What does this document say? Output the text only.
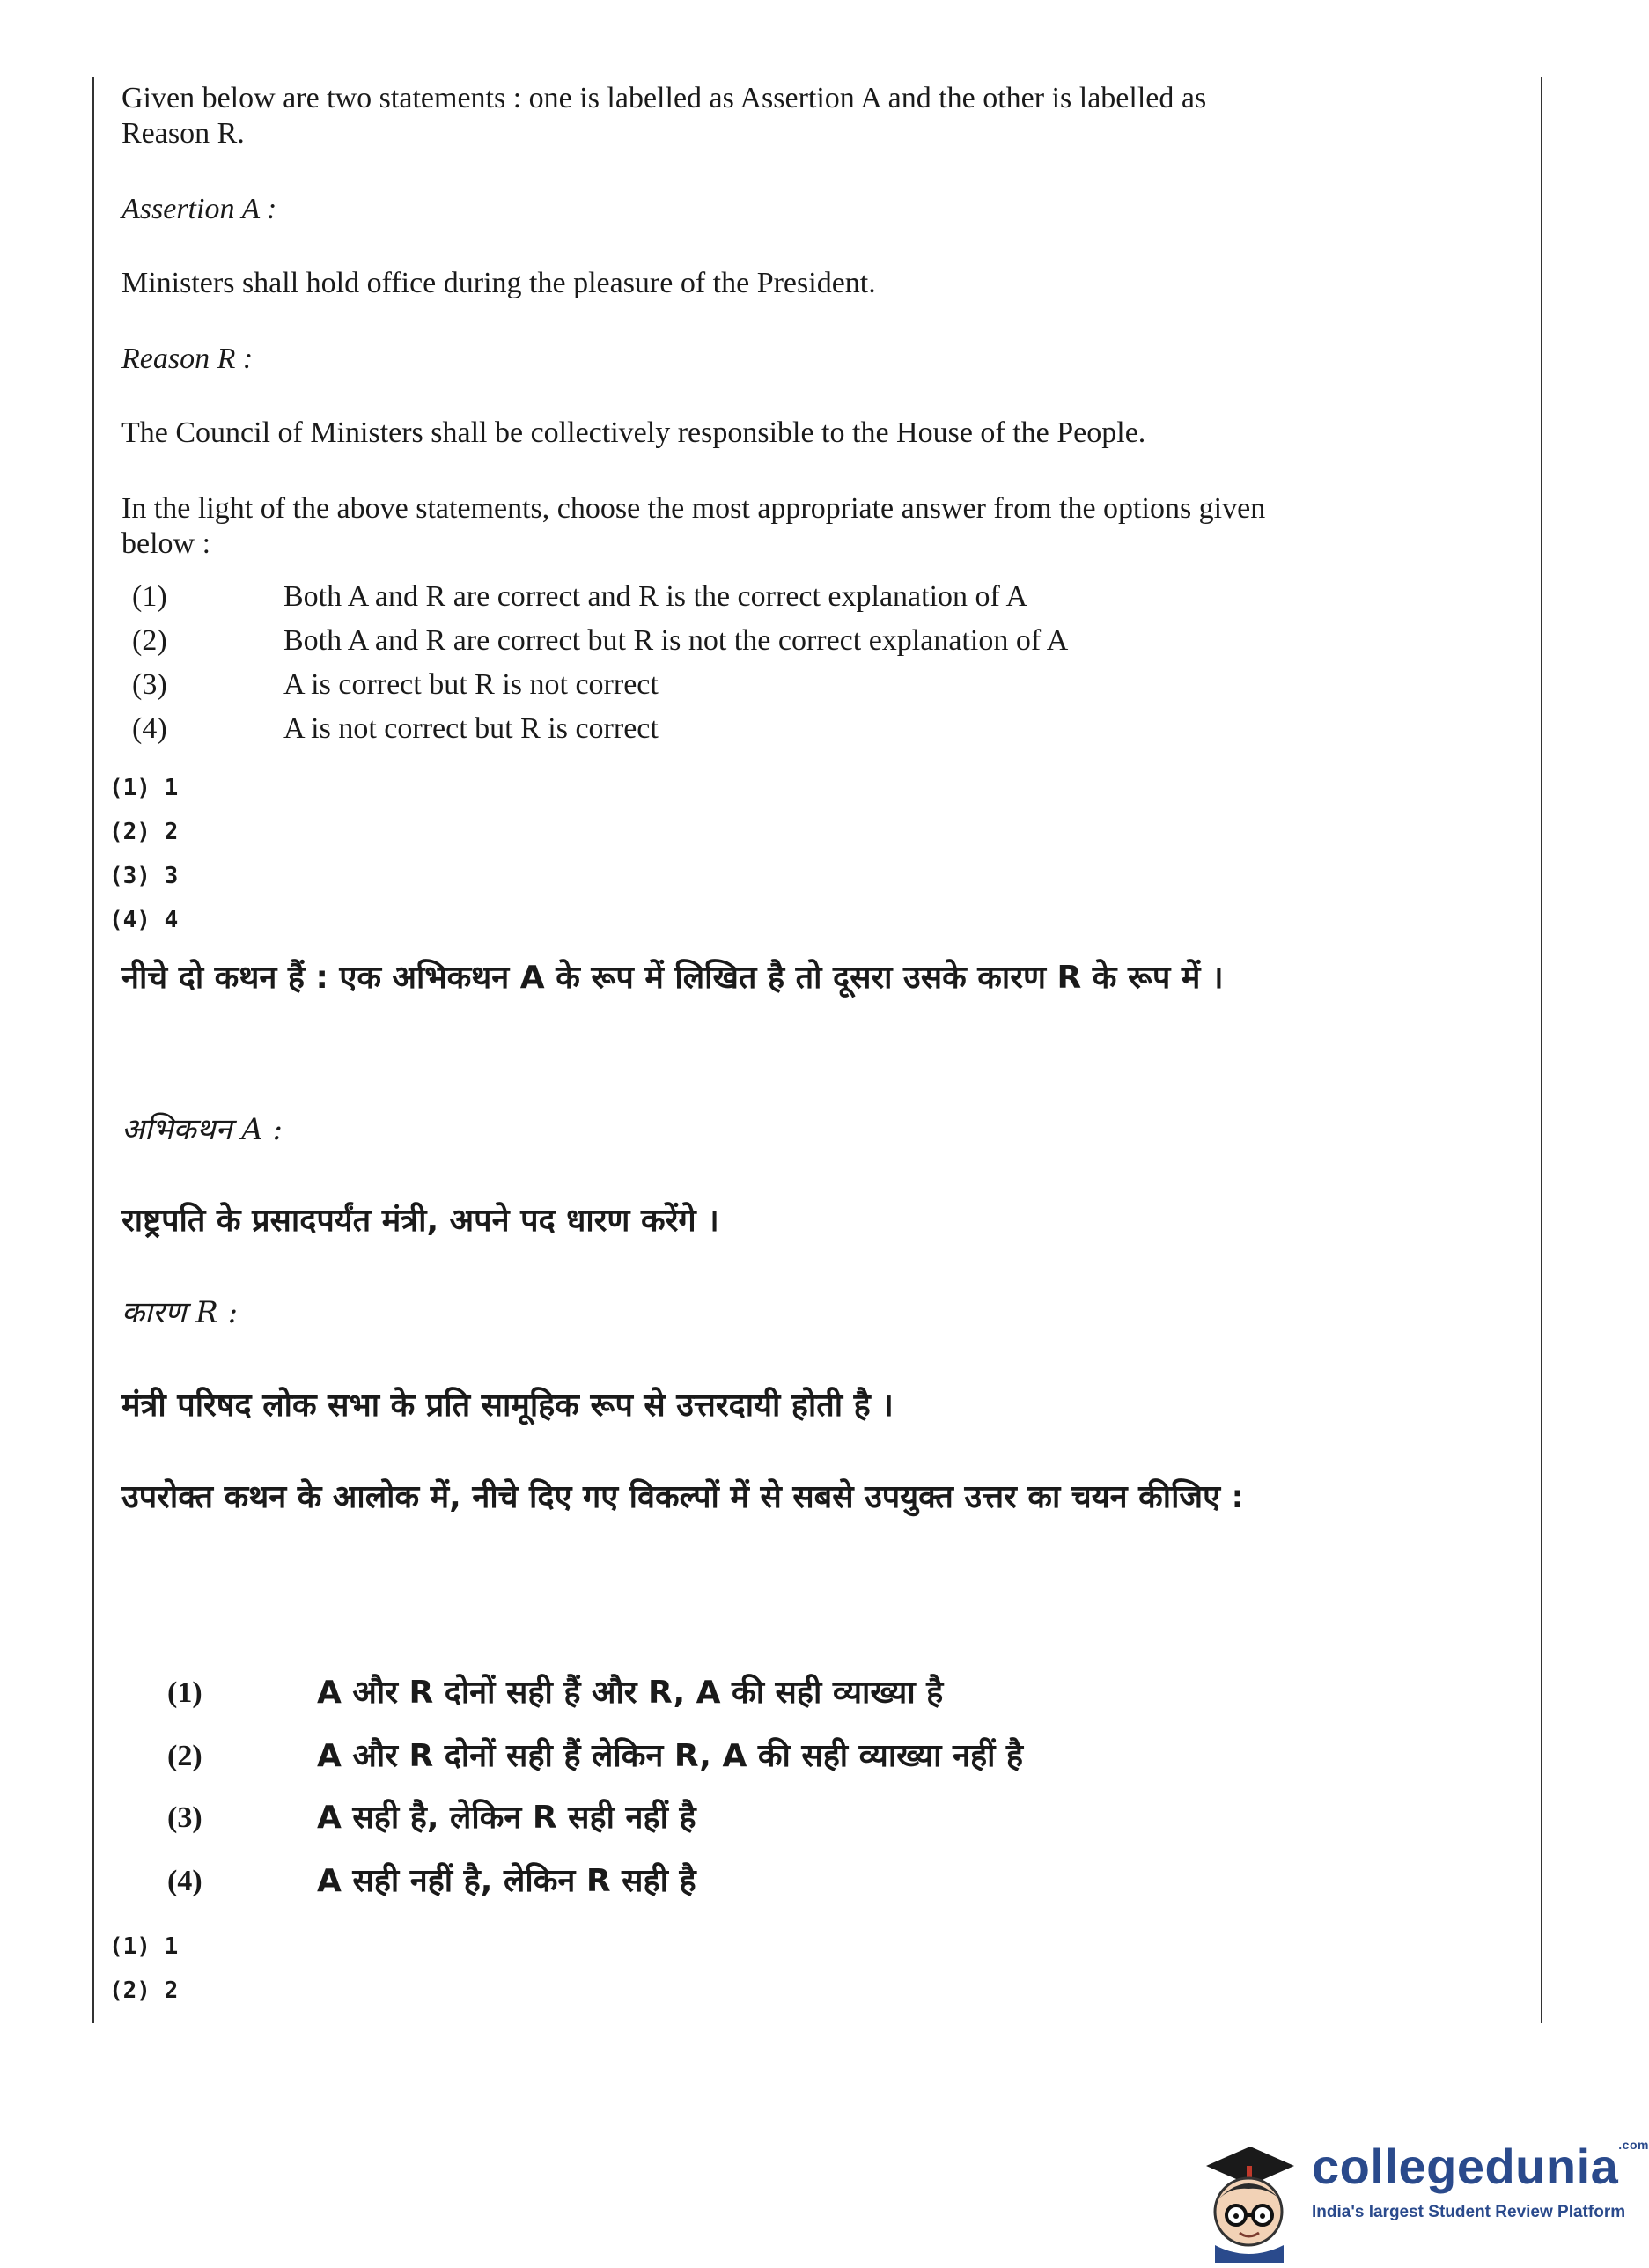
Given below are two statements : one is labelled as Assertion A and the other is labelled as Reason R.
Assertion A :
Ministers shall hold office during the pleasure of the President.
Reason R :
The Council of Ministers shall be collectively responsible to the House of the People.
In the light of the above statements, choose the most appropriate answer from the options given below :
(1)	Both A and R are correct and R is the correct explanation of A
(2)	Both A and R are correct but R is not the correct explanation of A
(3)	A is correct but R is not correct
(4)	A is not correct but R is correct
(1) 1
(2) 2
(3) 3
(4) 4
नीचे दो कथन हैं : एक अभिकथन A के रूप में लिखित है तो दूसरा उसके कारण R के रूप में ।
अभिकथन A :
राष्ट्रपति के प्रसादपर्यंत मंत्री, अपने पद धारण करेंगे ।
कारण R :
मंत्री परिषद लोक सभा के प्रति सामूहिक रूप से उत्तरदायी होती है ।
उपरोक्त कथन के आलोक में, नीचे दिए गए विकल्पों में से सबसे उपयुक्त उत्तर का चयन कीजिए :
(1)	A और R दोनों सही हैं और R, A की सही व्याख्या है
(2)	A और R दोनों सही हैं लेकिन R, A की सही व्याख्या नहीं है
(3)	A सही है, लेकिन R सही नहीं है
(4)	A सही नहीं है, लेकिन R सही है
(1) 1
(2) 2
collegedunia$^{.com}$
India's largest Student Review Platform
